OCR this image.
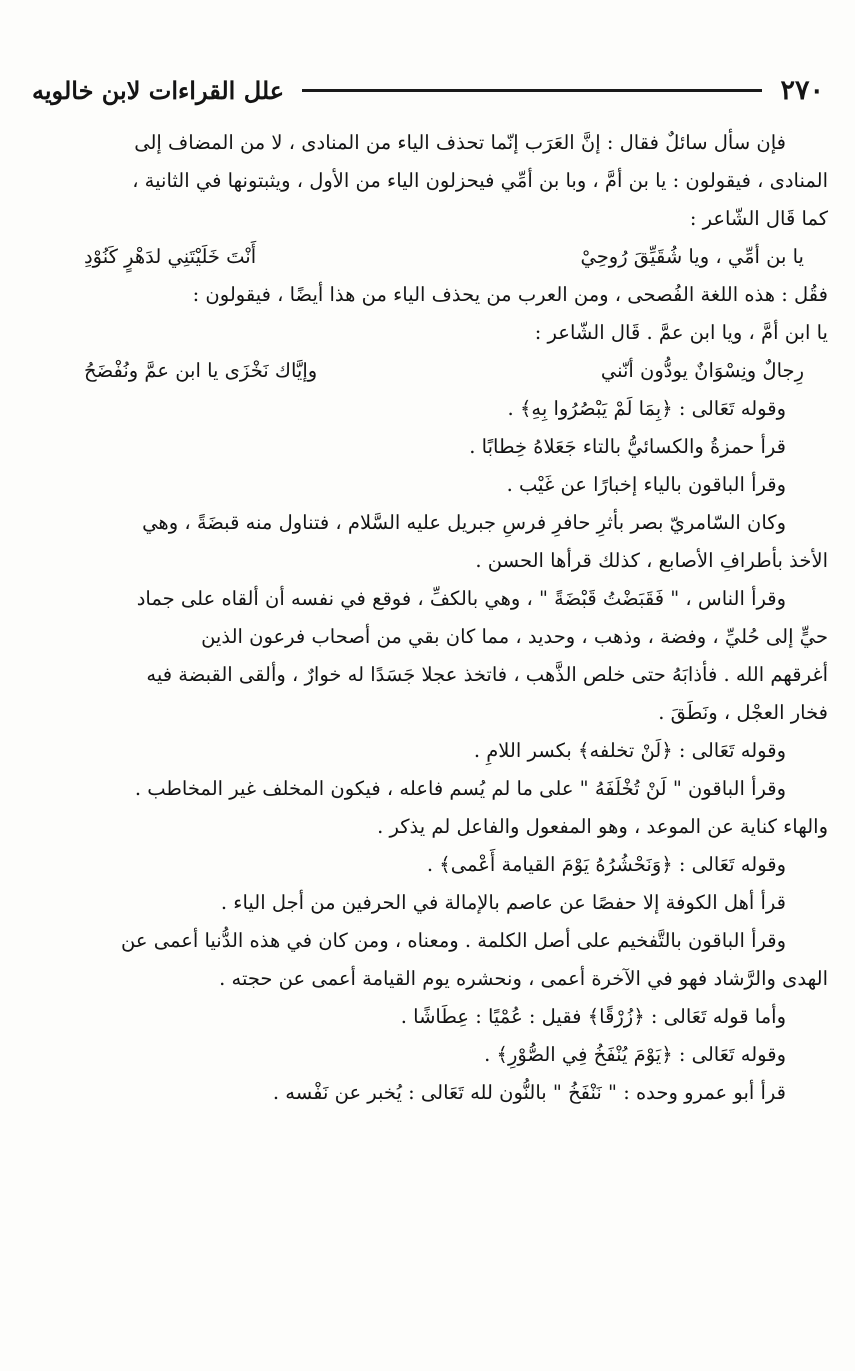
٢٧٠
علل القراءات لابن خالويه
فإن سأل سائلٌ فقال : إنَّ العَرَب إنّما تحذف الياء من المنادى ، لا من المضاف إلى
المنادى ، فيقولون : يا بن أمَّ ، وبا بن أمِّي فيحزلون الياء من الأول ، ويثبتونها في الثانية ،
كما قَال الشّاعر :
يا بن أمِّي ، ويا شُقَيِّقَ رُوحِيْ
أَنْتَ خَلَيْتَنِي لدَهْرٍ كَنُوْدِ
فقُل : هذه اللغة الفُصحى ، ومن العرب من يحذف الياء من هذا أيضًا ، فيقولون :
يا ابن أمَّ ، ويا ابن عمَّ . قَال الشّاعر :
رِجالٌ ونِسْوَانٌ يودُّون أنّني
وإيَّاك نَخْزَى يا ابن عمَّ ونُفْضَحُ
وقوله تَعَالى : ﴿بِمَا لَمْ يَبْصُرُوا بِهِ﴾ .
قرأ حمزةُ والكسائيُّ بالتاء جَعَلاهُ خِطابًا .
وقرأ الباقون بالياء إخبارًا عن غَيْب .
وكان السّامريّ بصر بأثرِ حافرِ فرسِ جبريل عليه السَّلام ، فتناول منه قبضَةً ، وهي
الأخذ بأطرافِ الأصابع ، كذلك قرأها الحسن .
وقرأ الناس ، " فَقَبَضْتُ قَبْضَةً " ، وهي بالكفِّ ، فوقع في نفسه أن ألقاه على جماد
حيٍّ إلى حُليِّ ، وفضة ، وذهب ، وحديد ، مما كان بقي من أصحاب فرعون الذين
أغرقهم الله . فأذابَهُ حتى خلص الذَّهب ، فاتخذ عجلا جَسَدًا له خوارٌ ، وألقى القبضة فيه
فخار العجْل ، ونَطَقَ .
وقوله تَعَالى : ﴿لَنْ تخلفه﴾ بكسر اللامِ .
وقرأ الباقون " لَنْ تُخْلَفَهُ " على ما لم يُسم فاعله ، فيكون المخلف غير المخاطب .
والهاء كناية عن الموعد ، وهو المفعول والفاعل لم يذكر .
وقوله تَعَالى : ﴿وَنَحْشُرُهُ يَوْمَ القيامة أَعْمى﴾ .
قرأ أهل الكوفة إلا حفصًا عن عاصم بالإمالة في الحرفين من أجل الياء .
وقرأ الباقون بالتَّفخيم على أصل الكلمة . ومعناه ، ومن كان في هذه الدُّنيا أعمى عن
الهدى والرَّشاد فهو في الآخرة أعمى ، ونحشره يوم القيامة أعمى عن حجته .
وأما قوله تَعَالى : ﴿زُرْقًا﴾ فقيل : عُمْيًا : عِطَاشًا .
وقوله تَعَالى : ﴿يَوْمَ يُنْفَخُ فِي الصُّوْرِ﴾ .
قرأ أبو عمرو وحده : " نَنْفَخُ " بالنُّون لله تَعَالى : يُخبر عن نَفْسه .
